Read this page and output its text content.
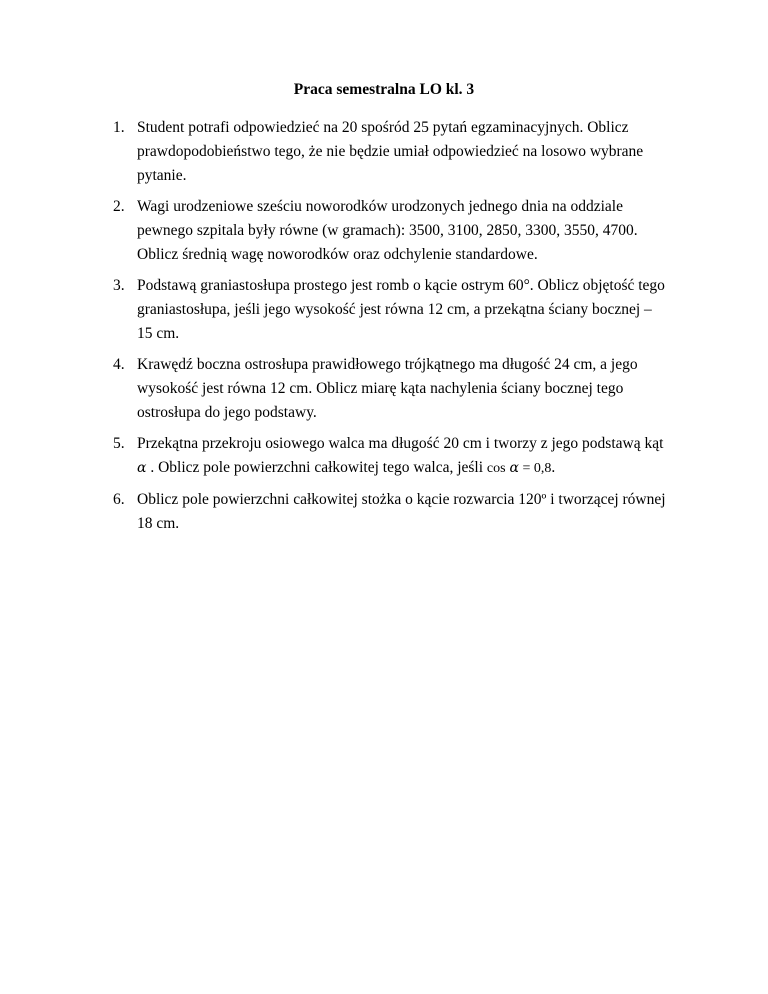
Praca semestralna LO kl. 3
1. Student potrafi odpowiedzieć na 20 spośród 25 pytań egzaminacyjnych. Oblicz prawdopodobieństwo tego, że nie będzie umiał odpowiedzieć na losowo wybrane pytanie.
2. Wagi urodzeniowe sześciu noworodków urodzonych jednego dnia na oddziale pewnego szpitala były równe (w gramach): 3500, 3100, 2850, 3300, 3550, 4700. Oblicz średnią wagę noworodków oraz odchylenie standardowe.
3. Podstawą graniastosłupa prostego jest romb o kącie ostrym 60°. Oblicz objętość tego graniastosłupa, jeśli jego wysokość jest równa 12 cm, a przekątna ściany bocznej – 15 cm.
4. Krawędź boczna ostrosłupa prawidłowego trójkątnego ma długość 24 cm, a jego wysokość jest równa 12 cm. Oblicz miarę kąta nachylenia ściany bocznej tego ostrosłupa do jego podstawy.
5. Przekątna przekroju osiowego walca ma długość 20 cm i tworzy z jego podstawą kąt
α . Oblicz pole powierzchni całkowitej tego walca, jeśli cos α = 0,8.
6. Oblicz pole powierzchni całkowitej stożka o kącie rozwarcia 120º i tworzącej równej 18 cm.
